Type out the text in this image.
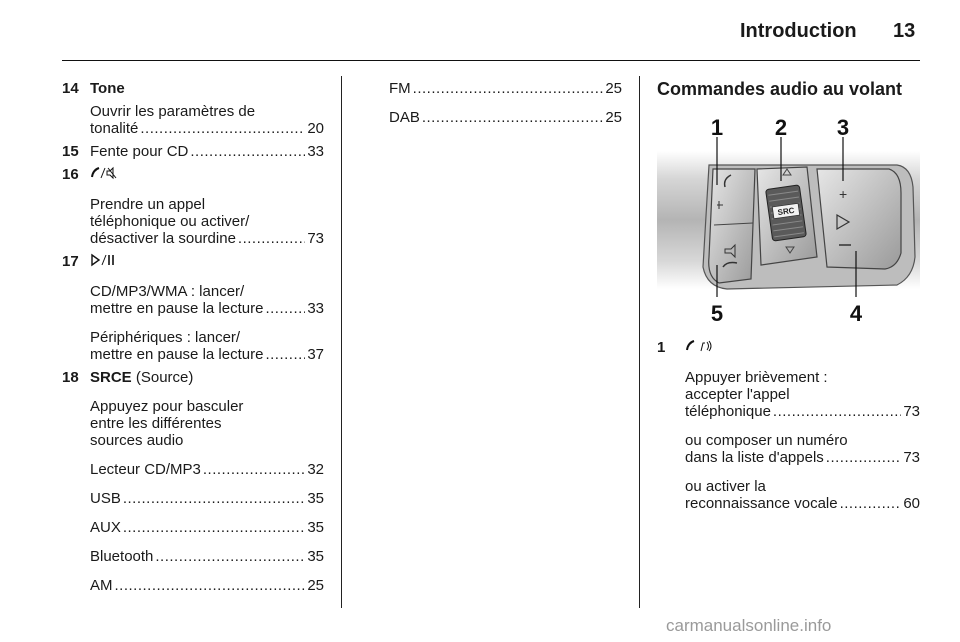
Introduction 13
14 Tone
Ouvrir les paramètres de
tonalité .....	20
15 Fente pour CD .....	33
16
Prendre un appel
téléphonique ou activer/
désactiver la sourdine .....	73
17
CD/MP3/WMA : lancer/
mettre en pause la lecture .....	33
Périphériques : lancer/
mettre en pause la lecture .....	37
18 SRCE (Source)
Appuyez pour basculer
entre les différentes
sources audio
Lecteur CD/MP3 .....	32
USB .....	35
AUX .....	35
Bluetooth .....	35
AM .....	25
FM .....	25
DAB .....	25
Commandes audio au volant
SRC
+
1 2 3
4
5
1
Appuyer brièvement :
accepter l'appel
téléphonique .....	73
ou composer un numéro
dans la liste d'appels .....	73
ou activer la
reconnaissance vocale .....	60
carmanualsonline.info
